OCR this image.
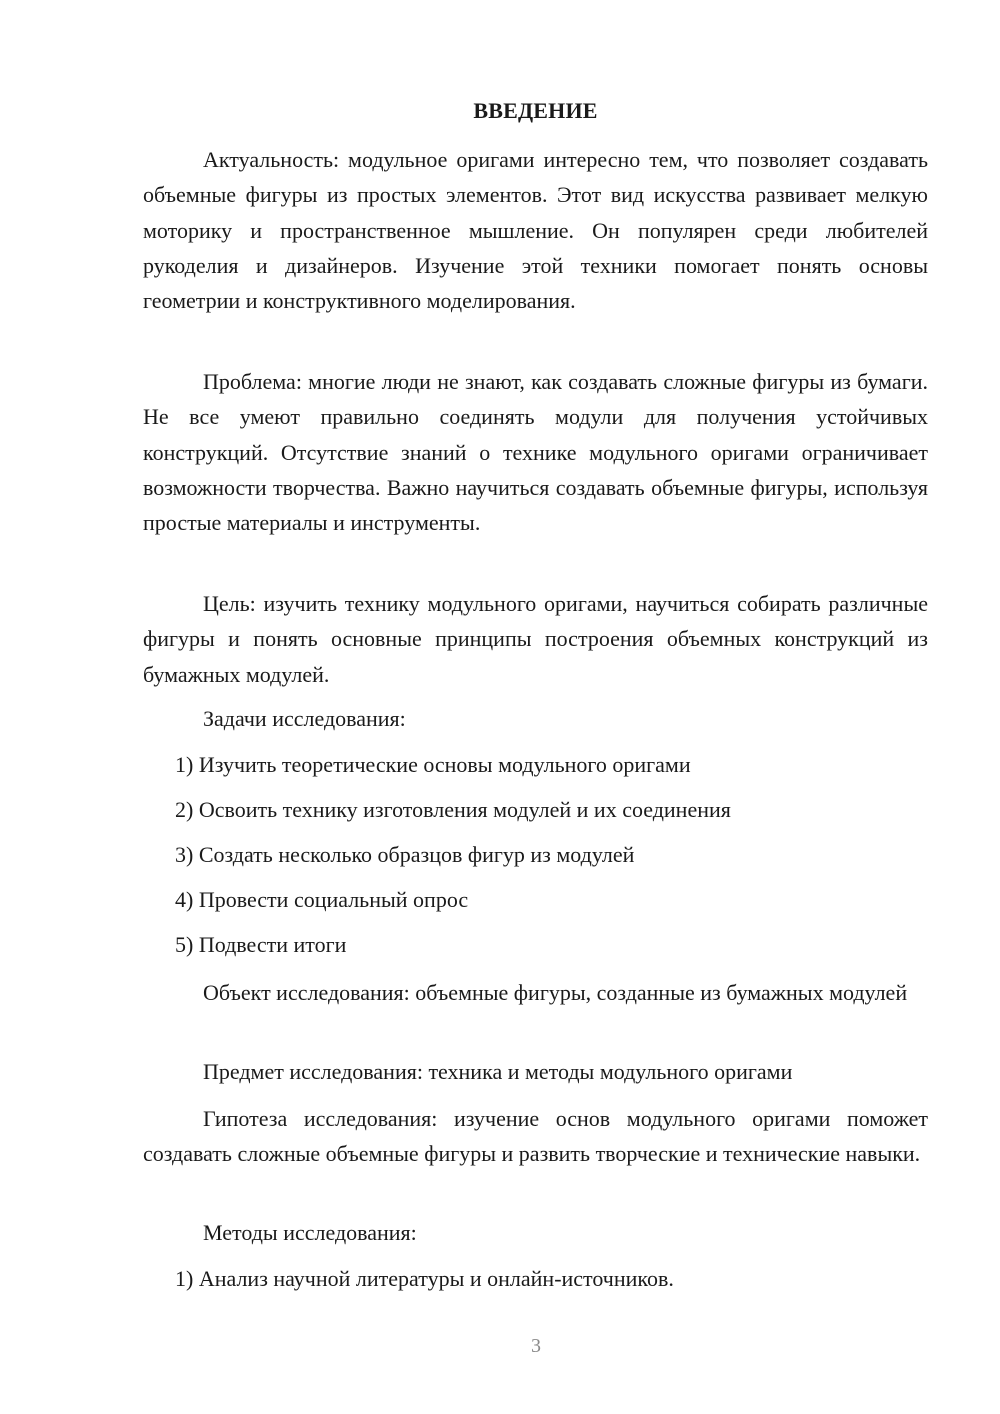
ВВЕДЕНИЕ

Актуальность: модульное оригами интересно тем, что позволяет создавать объемные фигуры из простых элементов. Этот вид искусства развивает мелкую моторику и пространственное мышление. Он популярен среди любителей рукоделия и дизайнеров. Изучение этой техники помогает понять основы геометрии и конструктивного моделирования.

Проблема: многие люди не знают, как создавать сложные фигуры из бумаги. Не все умеют правильно соединять модули для получения устойчивых конструкций. Отсутствие знаний о технике модульного оригами ограничивает возможности творчества. Важно научиться создавать объемные фигуры, используя простые материалы и инструменты.

Цель: изучить технику модульного оригами, научиться собирать различные фигуры и понять основные принципы построения объемных конструкций из бумажных модулей.

Задачи исследования:

1) Изучить теоретические основы модульного оригами

2) Освоить технику изготовления модулей и их соединения

3) Создать несколько образцов фигур из модулей

4) Провести социальный опрос

5) Подвести итоги

Объект исследования: объемные фигуры, созданные из бумажных модулей

Предмет исследования: техника и методы модульного оригами

Гипотеза исследования: изучение основ модульного оригами поможет создавать сложные объемные фигуры и развить творческие и технические навыки.

Методы исследования:

1) Анализ научной литературы и онлайн-источников.

3
